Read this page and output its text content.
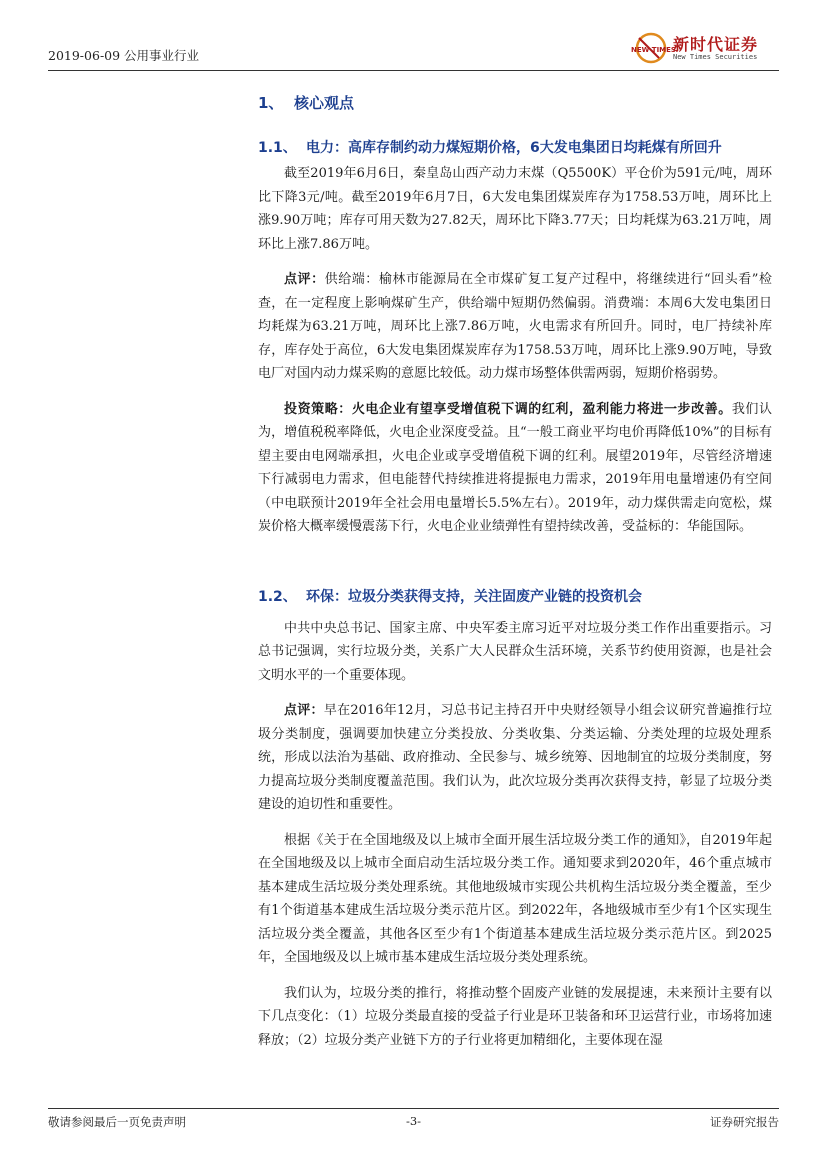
2019-06-09 公用事业行业	NEW TIMES
新时代证券
New Times Securities
1、 核心观点
1.1、 电力：高库存制约动力煤短期价格，6大发电集团日均耗煤有所回升

截至2019年6月6日，秦皇岛山西产动力末煤（Q5500K）平仓价为591元/吨，周环比下降3元/吨。截至2019年6月7日，6大发电集团煤炭库存为1758.53万吨，周环比上涨9.90万吨；库存可用天数为27.82天，周环比下降3.77天；日均耗煤为63.21万吨，周环比上涨7.86万吨。

点评：供给端：榆林市能源局在全市煤矿复工复产过程中，将继续进行“回头看”检查，在一定程度上影响煤矿生产，供给端中短期仍然偏弱。消费端：本周6大发电集团日均耗煤为63.21万吨，周环比上涨7.86万吨，火电需求有所回升。同时，电厂持续补库存，库存处于高位，6大发电集团煤炭库存为1758.53万吨，周环比上涨9.90万吨，导致电厂对国内动力煤采购的意愿比较低。动力煤市场整体供需两弱，短期价格弱势。

投资策略：火电企业有望享受增值税下调的红利，盈利能力将进一步改善。我们认为，增值税税率降低，火电企业深度受益。且“一般工商业平均电价再降低10%”的目标有望主要由电网端承担，火电企业或享受增值税下调的红利。展望2019年，尽管经济增速下行减弱电力需求，但电能替代持续推进将提振电力需求，2019年用电量增速仍有空间（中电联预计2019年全社会用电量增长5.5%左右）。2019年，动力煤供需走向宽松，煤炭价格大概率缓慢震荡下行，火电企业业绩弹性有望持续改善，受益标的：华能国际。

1.2、 环保：垃圾分类获得支持，关注固废产业链的投资机会

中共中央总书记、国家主席、中央军委主席习近平对垃圾分类工作作出重要指示。习总书记强调，实行垃圾分类，关系广大人民群众生活环境，关系节约使用资源，也是社会文明水平的一个重要体现。

点评：早在2016年12月，习总书记主持召开中央财经领导小组会议研究普遍推行垃圾分类制度，强调要加快建立分类投放、分类收集、分类运输、分类处理的垃圾处理系统，形成以法治为基础、政府推动、全民参与、城乡统筹、因地制宜的垃圾分类制度，努力提高垃圾分类制度覆盖范围。我们认为，此次垃圾分类再次获得支持，彰显了垃圾分类建设的迫切性和重要性。

根据《关于在全国地级及以上城市全面开展生活垃圾分类工作的通知》，自2019年起在全国地级及以上城市全面启动生活垃圾分类工作。通知要求到2020年，46个重点城市基本建成生活垃圾分类处理系统。其他地级城市实现公共机构生活垃圾分类全覆盖，至少有1个街道基本建成生活垃圾分类示范片区。到2022年，各地级城市至少有1个区实现生活垃圾分类全覆盖，其他各区至少有1个街道基本建成生活垃圾分类示范片区。到2025年，全国地级及以上城市基本建成生活垃圾分类处理系统。

我们认为，垃圾分类的推行，将推动整个固废产业链的发展提速，未来预计主要有以下几点变化：（1）垃圾分类最直接的受益子行业是环卫装备和环卫运营行业，市场将加速释放；（2）垃圾分类产业链下方的子行业将更加精细化，主要体现在湿

敬请参阅最后一页免责声明	-3-	证券研究报告
